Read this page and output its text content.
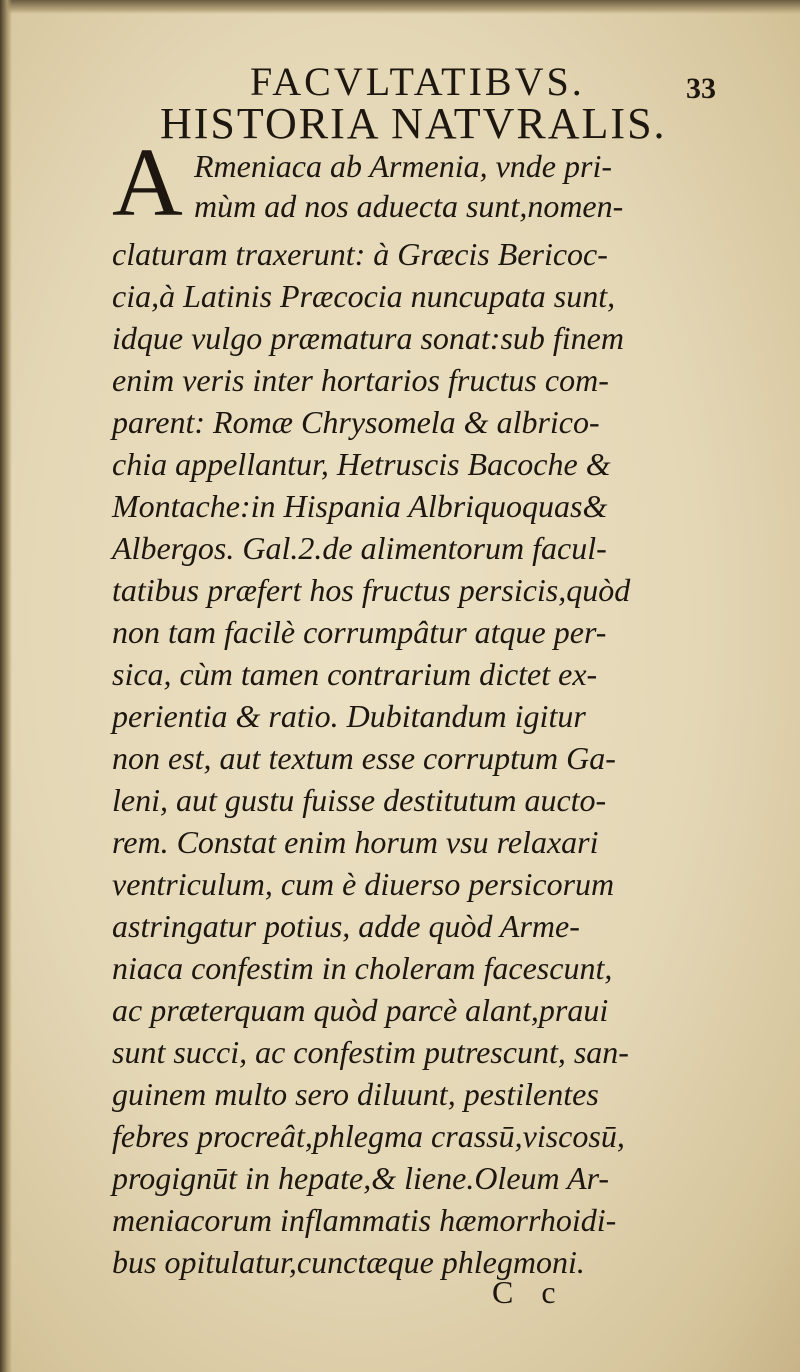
FACVLTATIBVS.	33
HISTORIA NATVRALIS.
A Rmeniaca ab Armenia, vnde pri-
mùm ad nos aduecta sunt,nomen-
claturam traxerunt: à Græcis Bericoc-
cia,à Latinis Præcocia nuncupata sunt,
idque vulgo præmatura sonat:sub finem
enim veris inter hortarios fructus com-
parent: Romæ Chrysomela & albrico-
chia appellantur, Hetruscis Bacoche &
Montache:in Hispania Albriquoquas&
Albergos. Gal.2.de alimentorum facul-
tatibus præfert hos fructus persicis,quòd
non tam facilè corrumpâtur atque per-
sica, cùm tamen contrarium dictet ex-
perientia & ratio. Dubitandum igitur
non est, aut textum esse corruptum Ga-
leni, aut gustu fuisse destitutum aucto-
rem. Constat enim horum vsu relaxari
ventriculum, cum è diuerso persicorum
astringatur potius, adde quòd Arme-
niaca confestim in choleram facescunt,
ac præterquam quòd parcè alant,praui
sunt succi, ac confestim putrescunt, san-
guinem multo sero diluunt, pestilentes
febres procreât,phlegma crassū,viscosū,
progignūt in hepate,& liene.Oleum Ar-
meniacorum inflammatis hæmorrhoidi-
bus opitulatur,cunctæque phlegmoni.
C c
